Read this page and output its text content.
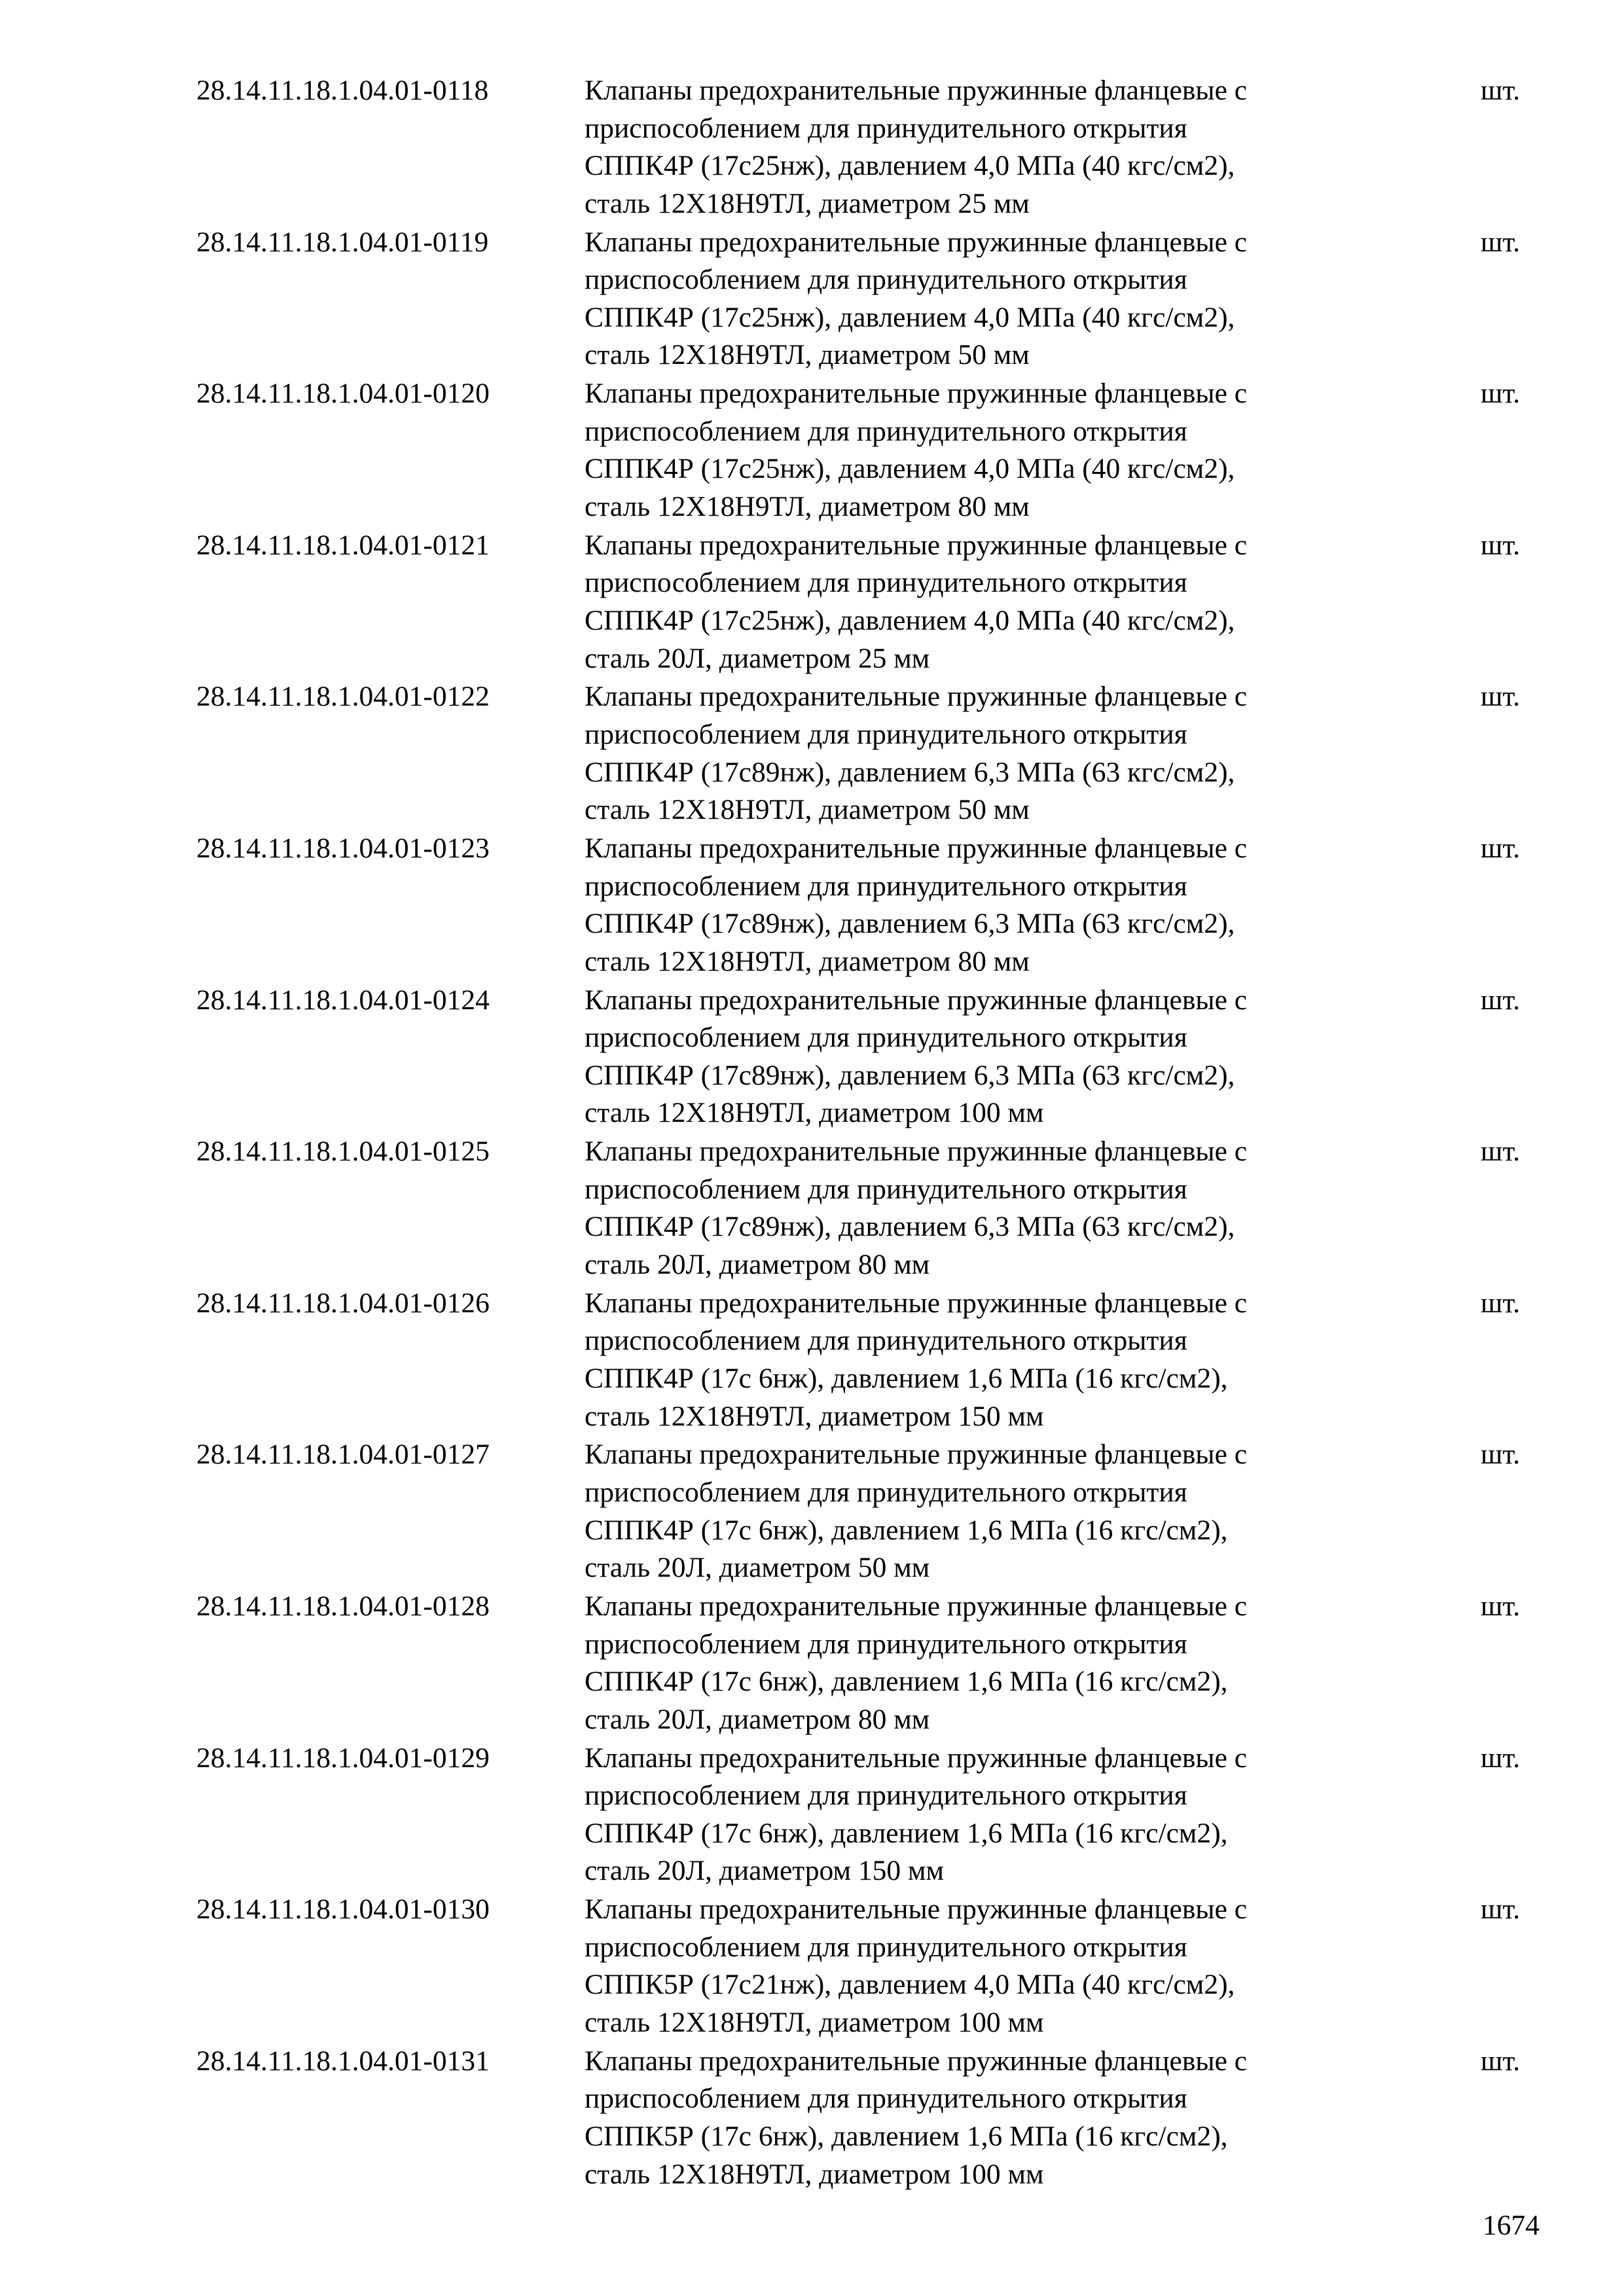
28.14.11.18.1.04.01-0118	Клапаны предохранительные пружинные фланцевые с
приспособлением для принудительного открытия
СППК4Р (17с25нж), давлением 4,0 МПа (40 кгс/см2),
сталь 12Х18Н9ТЛ, диаметром 25 мм
шт.
28.14.11.18.1.04.01-0119	Клапаны предохранительные пружинные фланцевые с
приспособлением для принудительного открытия
СППК4Р (17с25нж), давлением 4,0 МПа (40 кгс/см2),
сталь 12Х18Н9ТЛ, диаметром 50 мм
шт.
28.14.11.18.1.04.01-0120	Клапаны предохранительные пружинные фланцевые с
приспособлением для принудительного открытия
СППК4Р (17с25нж), давлением 4,0 МПа (40 кгс/см2),
сталь 12Х18Н9ТЛ, диаметром 80 мм
шт.
28.14.11.18.1.04.01-0121	Клапаны предохранительные пружинные фланцевые с
приспособлением для принудительного открытия
СППК4Р (17с25нж), давлением 4,0 МПа (40 кгс/см2),
сталь 20Л, диаметром 25 мм
шт.
28.14.11.18.1.04.01-0122	Клапаны предохранительные пружинные фланцевые с
приспособлением для принудительного открытия
СППК4Р (17с89нж), давлением 6,3 МПа (63 кгс/см2),
сталь 12Х18Н9ТЛ, диаметром 50 мм
шт.
28.14.11.18.1.04.01-0123	Клапаны предохранительные пружинные фланцевые с
приспособлением для принудительного открытия
СППК4Р (17с89нж), давлением 6,3 МПа (63 кгс/см2),
сталь 12Х18Н9ТЛ, диаметром 80 мм
шт.
28.14.11.18.1.04.01-0124	Клапаны предохранительные пружинные фланцевые с
приспособлением для принудительного открытия
СППК4Р (17с89нж), давлением 6,3 МПа (63 кгс/см2),
сталь 12Х18Н9ТЛ, диаметром 100 мм
шт.
28.14.11.18.1.04.01-0125	Клапаны предохранительные пружинные фланцевые с
приспособлением для принудительного открытия
СППК4Р (17с89нж), давлением 6,3 МПа (63 кгс/см2),
сталь 20Л, диаметром 80 мм
шт.
28.14.11.18.1.04.01-0126	Клапаны предохранительные пружинные фланцевые с
приспособлением для принудительного открытия
СППК4Р (17с 6нж), давлением 1,6 МПа (16 кгс/см2),
сталь 12Х18Н9ТЛ, диаметром 150 мм
шт.
28.14.11.18.1.04.01-0127	Клапаны предохранительные пружинные фланцевые с
приспособлением для принудительного открытия
СППК4Р (17с 6нж), давлением 1,6 МПа (16 кгс/см2),
сталь 20Л, диаметром 50 мм
шт.
28.14.11.18.1.04.01-0128	Клапаны предохранительные пружинные фланцевые с
приспособлением для принудительного открытия
СППК4Р (17с 6нж), давлением 1,6 МПа (16 кгс/см2),
сталь 20Л, диаметром 80 мм
шт.
28.14.11.18.1.04.01-0129	Клапаны предохранительные пружинные фланцевые с
приспособлением для принудительного открытия
СППК4Р (17с 6нж), давлением 1,6 МПа (16 кгс/см2),
сталь 20Л, диаметром 150 мм
шт.
28.14.11.18.1.04.01-0130	Клапаны предохранительные пружинные фланцевые с
приспособлением для принудительного открытия
СППК5Р (17с21нж), давлением 4,0 МПа (40 кгс/см2),
сталь 12Х18Н9ТЛ, диаметром 100 мм
шт.
28.14.11.18.1.04.01-0131	Клапаны предохранительные пружинные фланцевые с
приспособлением для принудительного открытия
СППК5Р (17с 6нж), давлением 1,6 МПа (16 кгс/см2),
сталь 12Х18Н9ТЛ, диаметром 100 мм
шт.
1674
